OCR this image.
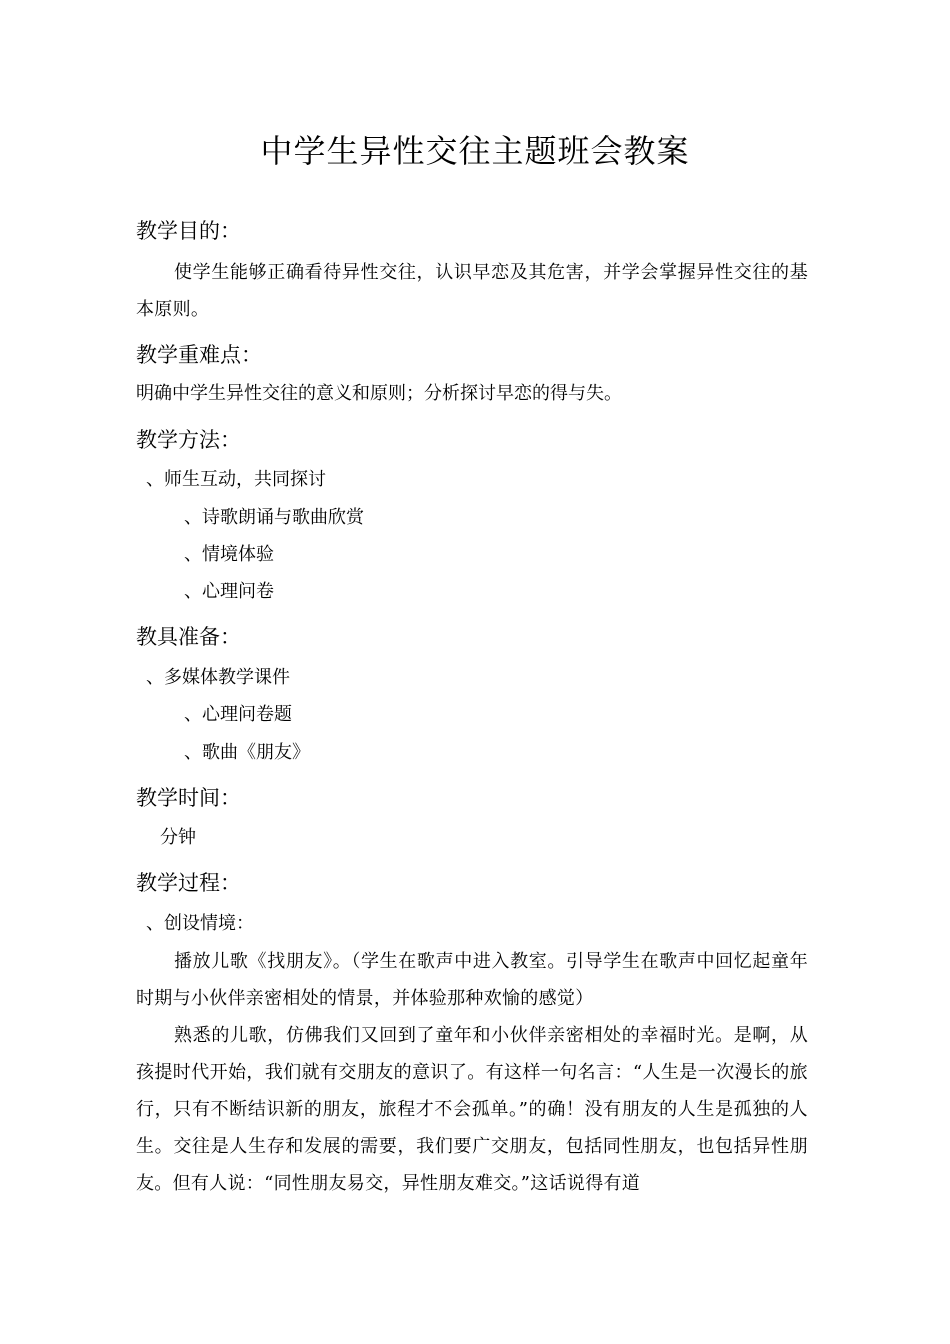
中学生异性交往主题班会教案
教学目的：

使学生能够正确看待异性交往，认识早恋及其危害，并学会掌握异性交往的基本原则。

教学重难点：

明确中学生异性交往的意义和原则；分析探讨早恋的得与失。

教学方法：

、师生互动，共同探讨

、诗歌朗诵与歌曲欣赏

、情境体验

、心理问卷

教具准备：

、多媒体教学课件

、心理问卷题

、歌曲《朋友》

教学时间：

分钟

教学过程：

、创设情境：

播放儿歌《找朋友》。（学生在歌声中进入教室。引导学生在歌声中回忆起童年时期与小伙伴亲密相处的情景，并体验那种欢愉的感觉）

熟悉的儿歌，仿佛我们又回到了童年和小伙伴亲密相处的幸福时光。是啊，从孩提时代开始，我们就有交朋友的意识了。有这样一句名言：“人生是一次漫长的旅行，只有不断结识新的朋友，旅程才不会孤单。”的确！没有朋友的人生是孤独的人生。交往是人生存和发展的需要，我们要广交朋友，包括同性朋友，也包括异性朋友。但有人说：“同性朋友易交，异性朋友难交。”这话说得有道
